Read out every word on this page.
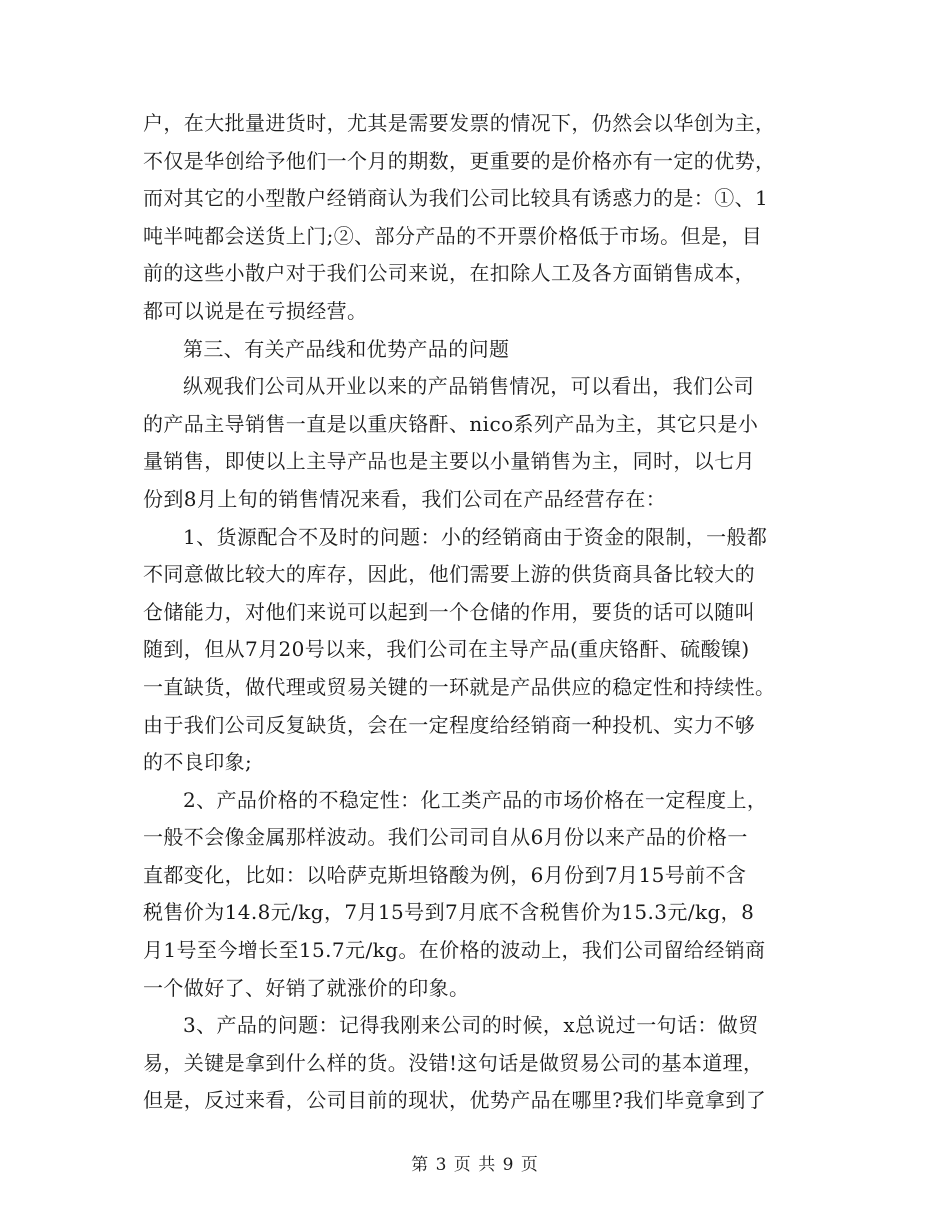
户，在大批量进货时，尤其是需要发票的情况下，仍然会以华创为主，
不仅是华创给予他们一个月的期数，更重要的是价格亦有一定的优势，
而对其它的小型散户经销商认为我们公司比较具有诱惑力的是：①、1
吨半吨都会送货上门;②、部分产品的不开票价格低于市场。但是，目
前的这些小散户对于我们公司来说，在扣除人工及各方面销售成本，
都可以说是在亏损经营。
第三、有关产品线和优势产品的问题
纵观我们公司从开业以来的产品销售情况，可以看出，我们公司
的产品主导销售一直是以重庆铬酐、nico系列产品为主，其它只是小
量销售，即使以上主导产品也是主要以小量销售为主，同时，以七月
份到8月上旬的销售情况来看，我们公司在产品经营存在：
1、货源配合不及时的问题：小的经销商由于资金的限制，一般都
不同意做比较大的库存，因此，他们需要上游的供货商具备比较大的
仓储能力，对他们来说可以起到一个仓储的作用，要货的话可以随叫
随到，但从7月20号以来，我们公司在主导产品(重庆铬酐、硫酸镍)
一直缺货，做代理或贸易关键的一环就是产品供应的稳定性和持续性。
由于我们公司反复缺货，会在一定程度给经销商一种投机、实力不够
的不良印象;
2、产品价格的不稳定性：化工类产品的市场价格在一定程度上，
一般不会像金属那样波动。我们公司司自从6月份以来产品的价格一
直都变化，比如：以哈萨克斯坦铬酸为例，6月份到7月15号前不含
税售价为14.8元/kg，7月15号到7月底不含税售价为15.3元/kg，8
月1号至今增长至15.7元/kg。在价格的波动上，我们公司留给经销商
一个做好了、好销了就涨价的印象。
3、产品的问题：记得我刚来公司的时候，x总说过一句话：做贸
易，关键是拿到什么样的货。没错!这句话是做贸易公司的基本道理，
但是，反过来看，公司目前的现状，优势产品在哪里?我们毕竟拿到了
第 3 页 共 9 页
